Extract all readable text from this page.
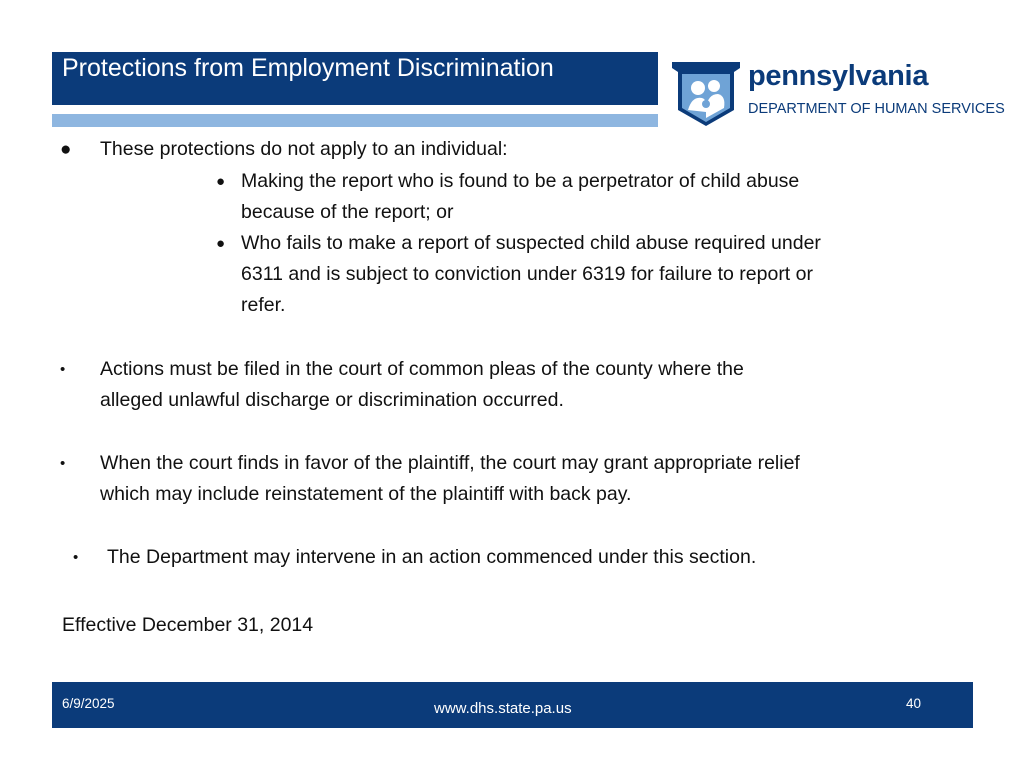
Protections from Employment Discrimination	pennsylvania
DEPARTMENT OF HUMAN SERVICES
● These protections do not apply to an individual:
● Making the report who is found to be a perpetrator of child abuse
because of the report; or
● Who fails to make a report of suspected child abuse required under
6311 and is subject to conviction under 6319 for failure to report or
refer.
• Actions must be filed in the court of common pleas of the county where the
alleged unlawful discharge or discrimination occurred.
• When the court finds in favor of the plaintiff, the court may grant appropriate relief
which may include reinstatement of the plaintiff with back pay.
• The Department may intervene in an action commenced under this section.
Effective December 31, 2014
6/9/2025	www.dhs.state.pa.us	40
